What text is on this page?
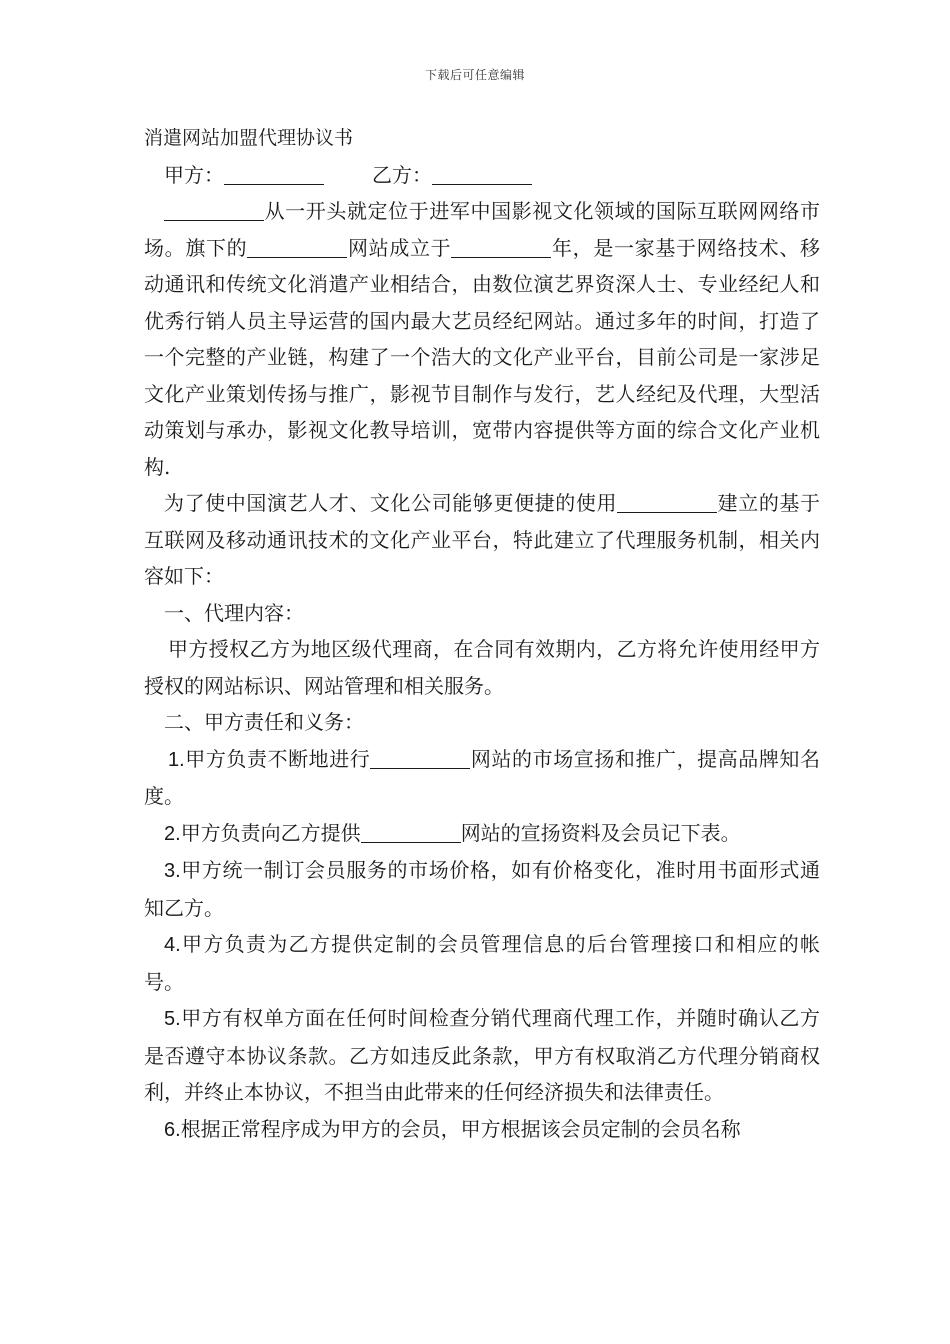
下载后可任意编辑

消遣网站加盟代理协议书

甲方：	乙方：

从一开头就定位于进军中国影视文化领域的国际互联网网络市场。旗下的	网站成立于	年，是一家基于网络技术、移动通讯和传统文化消遣产业相结合，由数位演艺界资深人士、专业经纪人和优秀行销人员主导运营的国内最大艺员经纪网站。通过多年的时间，打造了一个完整的产业链，构建了一个浩大的文化产业平台，目前公司是一家涉足文化产业策划传扬与推广，影视节目制作与发行，艺人经纪及代理，大型活动策划与承办，影视文化教导培训，宽带内容提供等方面的综合文化产业机构.

为了使中国演艺人才、文化公司能够更便捷的使用	建立的基于互联网及移动通讯技术的文化产业平台，特此建立了代理服务机制，相关内容如下：

一、代理内容：

甲方授权乙方为地区级代理商，在合同有效期内，乙方将允许使用经甲方授权的网站标识、网站管理和相关服务。

二、甲方责任和义务：

1.甲方负责不断地进行	网站的市场宣扬和推广，提高品牌知名度。

2.甲方负责向乙方提供	网站的宣扬资料及会员记下表。

3.甲方统一制订会员服务的市场价格，如有价格变化，准时用书面形式通知乙方。

4.甲方负责为乙方提供定制的会员管理信息的后台管理接口和相应的帐号。

5.甲方有权单方面在任何时间检查分销代理商代理工作，并随时确认乙方是否遵守本协议条款。乙方如违反此条款，甲方有权取消乙方代理分销商权利，并终止本协议，不担当由此带来的任何经济损失和法律责任。

6.根据正常程序成为甲方的会员，甲方根据该会员定制的会员名称
